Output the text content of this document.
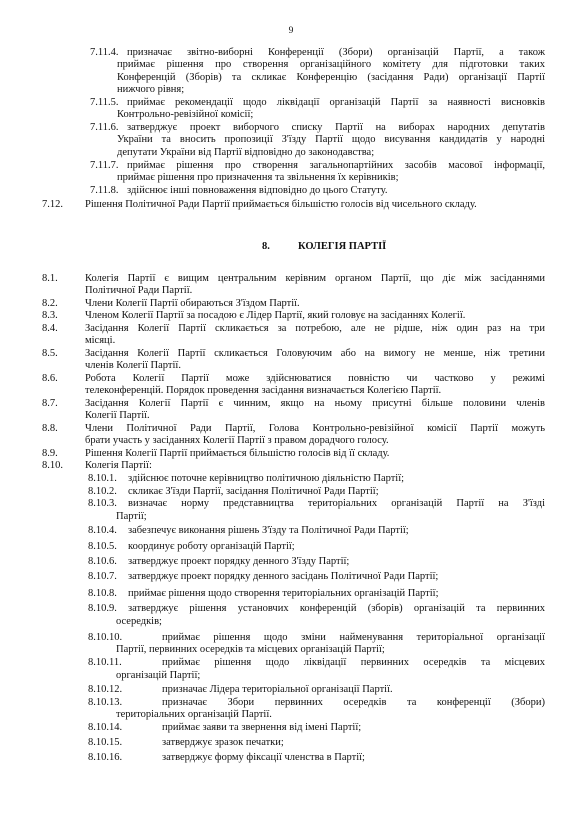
9
7.11.4. призначає звітно-виборні Конференції (Збори) організацій Партії, а також
приймає рішення про створення організаційного комітету для підготовки таких
Конференцій (Зборів) та скликає Конференцію (засідання Ради) організації Партії
нижчого рівня;
7.11.5. приймає рекомендації щодо ліквідації організацій Партії за наявності висновків
Контрольно-ревізійної комісії;
7.11.6. затверджує проект виборчого списку Партії на виборах народних депутатів
України та вносить пропозиції З'їзду Партії щодо висування кандидатів у народні
депутати України від Партії відповідно до законодавства;
7.11.7. приймає рішення про створення загальнопартійних засобів масової інформації,
приймає рішення про призначення та звільнення їх керівників;
7.11.8. здійснює інші повноваження відповідно до цього Статуту.
7.12. Рішення Політичної Ради Партії приймається більшістю голосів від чисельного складу.
8.1.	Колегія Партії є вищим центральним керівним органом Партії, що діє між засіданнями
Політичної Ради Партії.
8.2.	Члени Колегії Партії обираються З'їздом Партії.
8.3.	Членом Колегії Партії за посадою є Лідер Партії, який головує на засіданнях Колегії.
8.4.	Засідання Колегії Партії скликається за потребою, але не рідше, ніж один раз на три
місяці.
8.5.	Засідання Колегії Партії скликається Головуючим або на вимогу не менше, ніж третини
членів Колегії Партії.
8.6.	Робота Колегії Партії може здійснюватися повністю чи частково у режимі
телеконференцій. Порядок проведення засідання визначається Колегією Партії.
8.7.	Засідання Колегії Партії є чинним, якщо на ньому присутні більше половини членів
Колегії Партії.
8.8.	Члени Політичної Ради Партії, Голова Контрольно-ревізійної комісії Партії можуть
брати участь у засіданнях Колегії Партії з правом дорадчого голосу.
8.9.	Рішення Колегії Партії приймається більшістю голосів від її складу.
8.10. Колегія Партії:
8.10.1. здійснює поточне керівництво політичною діяльністю Партії;
8.10.2. скликає З'їзди Партії, засідання Політичної Ради Партії;
8.10.3. визначає норму представництва територіальних організацій Партії на З'їзді
Партії;
8.10.4. забезпечує виконання рішень З'їзду та Політичної Ради Партії;
8.10.5. координує роботу організацій Партії;
8.10.6. затверджує проект порядку денного З'їзду Партії;
8.10.7. затверджує проект порядку денного засідань Політичної Ради Партії;
8.10.8. приймає рішення щодо створення територіальних організацій Партії;
8.10.9. затверджує рішення установчих конференцій (зборів) організацій та первинних
осередків;
8.10.10.	приймає рішення щодо зміни найменування територіальної організації
Партії, первинних осередків та місцевих організацій Партії;
8.10.11.	приймає рішення щодо ліквідації первинних осередків та місцевих
організацій Партії;
8.10.12.	призначає Лідера територіальної організації Партії.
8.10.13.	призначає Збори первинних осередків та конференції (Збори)
територіальних організацій Партії.
8.10.14.	приймає заяви та звернення від імені Партії;
8.10.15.	затверджує зразок печатки;
8.10.16.	затверджує форму фіксації членства в Партії;
8.	КОЛЕГІЯ ПАРТІЇ
